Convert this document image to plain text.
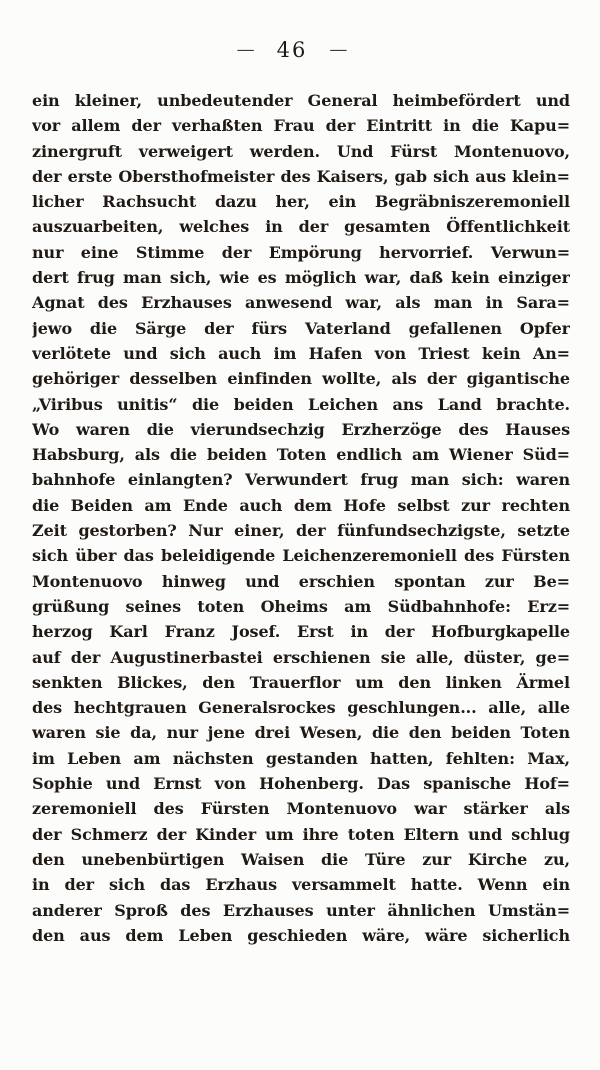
— 46 —
ein kleiner, unbedeutender General heimbefördert und
vor allem der verhaßten Frau der Eintritt in die Kapu=
zinergruft verweigert werden. Und Fürst Montenuovo,
der erste Obersthofmeister des Kaisers, gab sich aus klein=
licher Rachsucht dazu her, ein Begräbniszeremoniell
auszuarbeiten, welches in der gesamten Öffentlichkeit
nur eine Stimme der Empörung hervorrief. Verwun=
dert frug man sich, wie es möglich war, daß kein einziger
Agnat des Erzhauses anwesend war, als man in Sara=
jewo die Särge der fürs Vaterland gefallenen Opfer
verlötete und sich auch im Hafen von Triest kein An=
gehöriger desselben einfinden wollte, als der gigantische
„Viribus unitis“ die beiden Leichen ans Land brachte.
Wo waren die vierundsechzig Erzherzöge des Hauses
Habsburg, als die beiden Toten endlich am Wiener Süd=
bahnhofe einlangten? Verwundert frug man sich: waren
die Beiden am Ende auch dem Hofe selbst zur rechten
Zeit gestorben? Nur einer, der fünfundsechzigste, setzte
sich über das beleidigende Leichenzeremoniell des Fürsten
Montenuovo hinweg und erschien spontan zur Be=
grüßung seines toten Oheims am Südbahnhofe: Erz=
herzog Karl Franz Josef. Erst in der Hofburgkapelle
auf der Augustinerbastei erschienen sie alle, düster, ge=
senkten Blickes, den Trauerflor um den linken Ärmel
des hechtgrauen Generalsrockes geschlungen... alle, alle
waren sie da, nur jene drei Wesen, die den beiden Toten
im Leben am nächsten gestanden hatten, fehlten: Max,
Sophie und Ernst von Hohenberg. Das spanische Hof=
zeremoniell des Fürsten Montenuovo war stärker als
der Schmerz der Kinder um ihre toten Eltern und schlug
den unebenbürtigen Waisen die Türe zur Kirche zu,
in der sich das Erzhaus versammelt hatte. Wenn ein
anderer Sproß des Erzhauses unter ähnlichen Umstän=
den aus dem Leben geschieden wäre, wäre sicherlich
